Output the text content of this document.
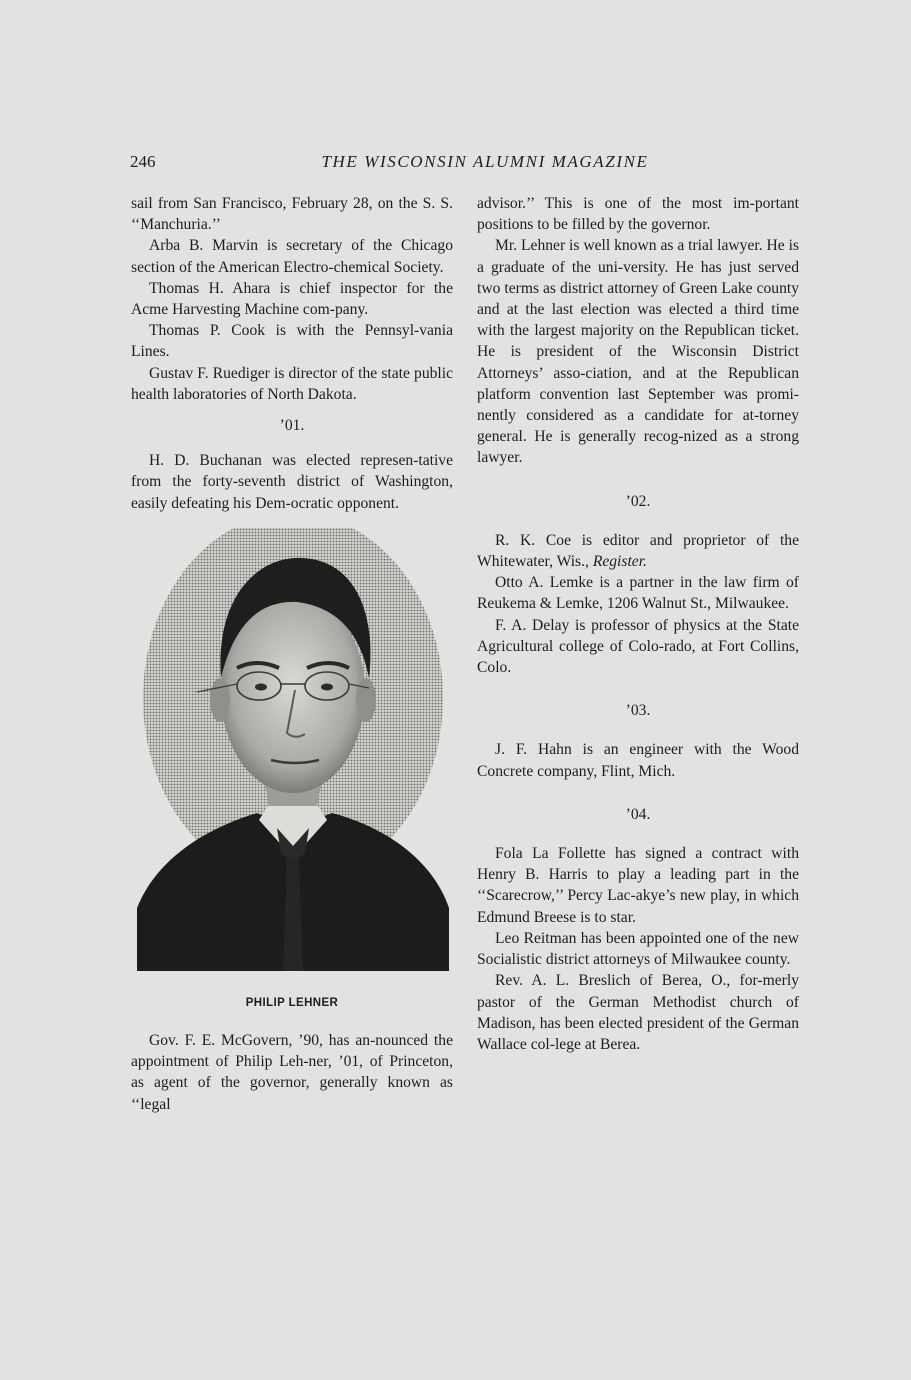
246	THE WISCONSIN ALUMNI MAGAZINE

sail from San Francisco, February 28, on the S. S. ‘‘Manchuria.’’

Arba B. Marvin is secretary of the Chicago section of the American Electro-chemical Society.

Thomas H. Ahara is chief inspector for the Acme Harvesting Machine com-pany.

Thomas P. Cook is with the Pennsyl-vania Lines.

Gustav F. Ruediger is director of the state public health laboratories of North Dakota.

’01.

H. D. Buchanan was elected represen-tative from the forty-seventh district of Washington, easily defeating his Dem-ocratic opponent.

PHILIP LEHNER

Gov. F. E. McGovern, ’90, has an-nounced the appointment of Philip Leh-ner, ’01, of Princeton, as agent of the governor, generally known as ‘‘legal

advisor.’’ This is one of the most im-portant positions to be filled by the governor.

Mr. Lehner is well known as a trial lawyer. He is a graduate of the uni-versity. He has just served two terms as district attorney of Green Lake county and at the last election was elected a third time with the largest majority on the Republican ticket. He is president of the Wisconsin District Attorneys’ asso-ciation, and at the Republican platform convention last September was promi-nently considered as a candidate for at-torney general. He is generally recog-nized as a strong lawyer.

’02.

R. K. Coe is editor and proprietor of the Whitewater, Wis., Register.

Otto A. Lemke is a partner in the law firm of Reukema & Lemke, 1206 Walnut St., Milwaukee.

F. A. Delay is professor of physics at the State Agricultural college of Colo-rado, at Fort Collins, Colo.

’03.

J. F. Hahn is an engineer with the Wood Concrete company, Flint, Mich.

’04.

Fola La Follette has signed a contract with Henry B. Harris to play a leading part in the ‘‘Scarecrow,’’ Percy Lac-akye’s new play, in which Edmund Breese is to star.

Leo Reitman has been appointed one of the new Socialistic district attorneys of Milwaukee county.

Rev. A. L. Breslich of Berea, O., for-merly pastor of the German Methodist church of Madison, has been elected president of the German Wallace col-lege at Berea.
